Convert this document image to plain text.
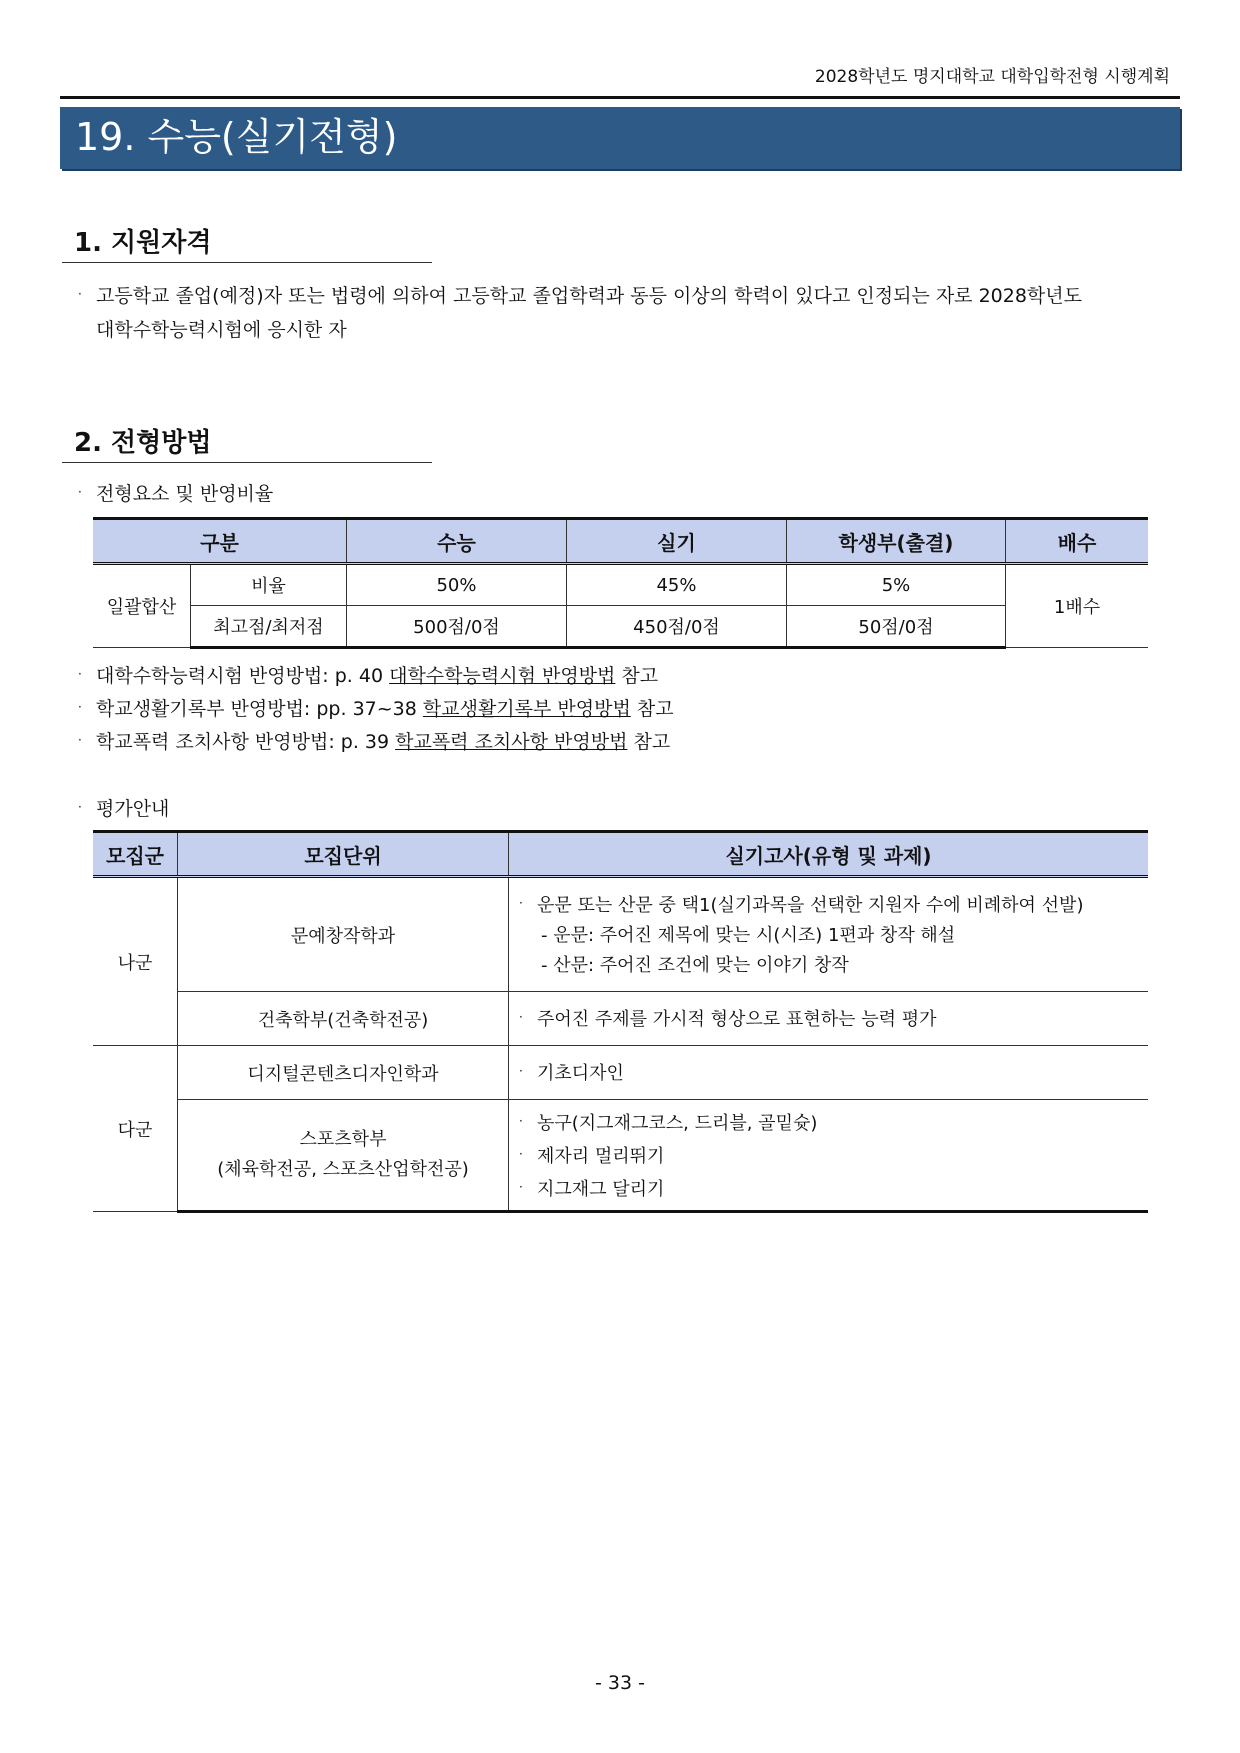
2028학년도 명지대학교 대학입학전형 시행계획
19. 수능(실기전형)
1. 지원자격
· 고등학교 졸업(예정)자 또는 법령에 의하여 고등학교 졸업학력과 동등 이상의 학력이 있다고 인정되는 자로 2028학년도
대학수학능력시험에 응시한 자
2. 전형방법
· 전형요소 및 반영비율
구분		수능	실기	학생부(출결)	배수
일괄합산	비율	50%	45%	5%	1배수
	최고점/최저점	500점/0점	450점/0점	50점/0점	
· 대학수학능력시험 반영방법: p. 40 대학수학능력시험 반영방법 참고
· 학교생활기록부 반영방법: pp. 37~38 학교생활기록부 반영방법 참고
· 학교폭력 조치사항 반영방법: p. 39 학교폭력 조치사항 반영방법 참고
· 평가안내
모집군	모집단위	실기고사(유형 및 과제)
나군	문예창작학과	· 운문 또는 산문 중 택1(실기과목을 선택한 지원자 수에 비례하여 선발)
- 운문: 주어진 제목에 맞는 시(시조) 1편과 창작 해설
- 산문: 주어진 조건에 맞는 이야기 창작

	건축학부(건축학전공)	· 주어진 주제를 가시적 형상으로 표현하는 능력 평가

다군	디지털콘텐츠디자인학과	· 기초디자인

	스포츠학부
(체육학전공, 스포츠산업학전공)	· 농구(지그재그코스, 드리블, 골밑슛)
· 제자리 멀리뛰기
· 지그재그 달리기
- 33 -
